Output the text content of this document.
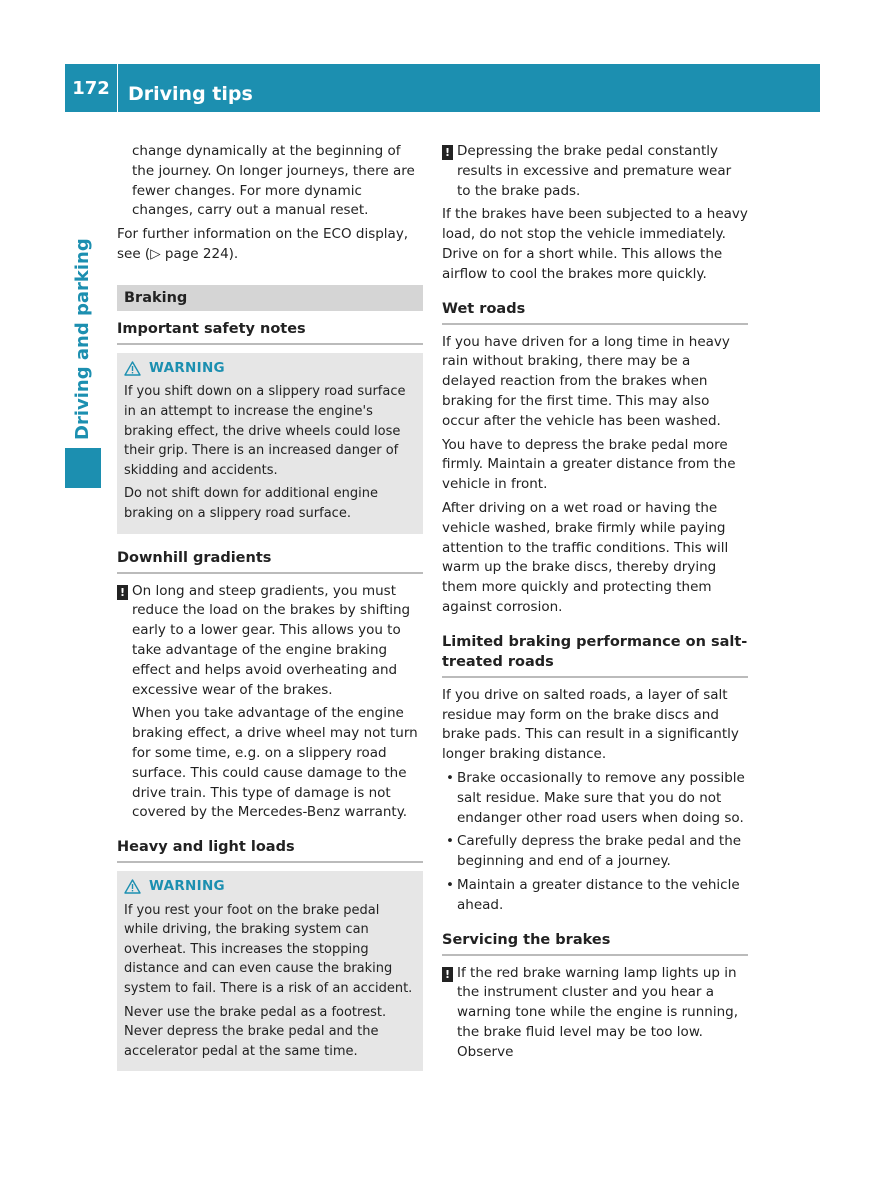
172 Driving tips
Driving and parking

change dynamically at the beginning of the journey. On longer journeys, there are fewer changes. For more dynamic changes, carry out a manual reset.

For further information on the ECO display, see (▷ page 224).

Braking
Important safety notes
WARNING

If you shift down on a slippery road surface in an attempt to increase the engine's braking effect, the drive wheels could lose their grip. There is an increased danger of skidding and accidents.

Do not shift down for additional engine braking on a slippery road surface.

Downhill gradients
! On long and steep gradients, you must reduce the load on the brakes by shifting early to a lower gear. This allows you to take advantage of the engine braking effect and helps avoid overheating and excessive wear of the brakes.

When you take advantage of the engine braking effect, a drive wheel may not turn for some time, e.g. on a slippery road surface. This could cause damage to the drive train. This type of damage is not covered by the Mercedes-Benz warranty.

Heavy and light loads
WARNING

If you rest your foot on the brake pedal while driving, the braking system can overheat. This increases the stopping distance and can even cause the braking system to fail. There is a risk of an accident.

Never use the brake pedal as a footrest. Never depress the brake pedal and the accelerator pedal at the same time.

! Depressing the brake pedal constantly results in excessive and premature wear to the brake pads.

If the brakes have been subjected to a heavy load, do not stop the vehicle immediately. Drive on for a short while. This allows the airflow to cool the brakes more quickly.

Wet roads

If you have driven for a long time in heavy rain without braking, there may be a delayed reaction from the brakes when braking for the first time. This may also occur after the vehicle has been washed.

You have to depress the brake pedal more firmly. Maintain a greater distance from the vehicle in front.

After driving on a wet road or having the vehicle washed, brake firmly while paying attention to the traffic conditions. This will warm up the brake discs, thereby drying them more quickly and protecting them against corrosion.

Limited braking performance on salt-treated roads

If you drive on salted roads, a layer of salt residue may form on the brake discs and brake pads. This can result in a significantly longer braking distance.

• Brake occasionally to remove any possible salt residue. Make sure that you do not endanger other road users when doing so.
• Carefully depress the brake pedal and the beginning and end of a journey.
• Maintain a greater distance to the vehicle ahead.
Servicing the brakes
! If the red brake warning lamp lights up in the instrument cluster and you hear a warning tone while the engine is running, the brake fluid level may be too low. Observe
